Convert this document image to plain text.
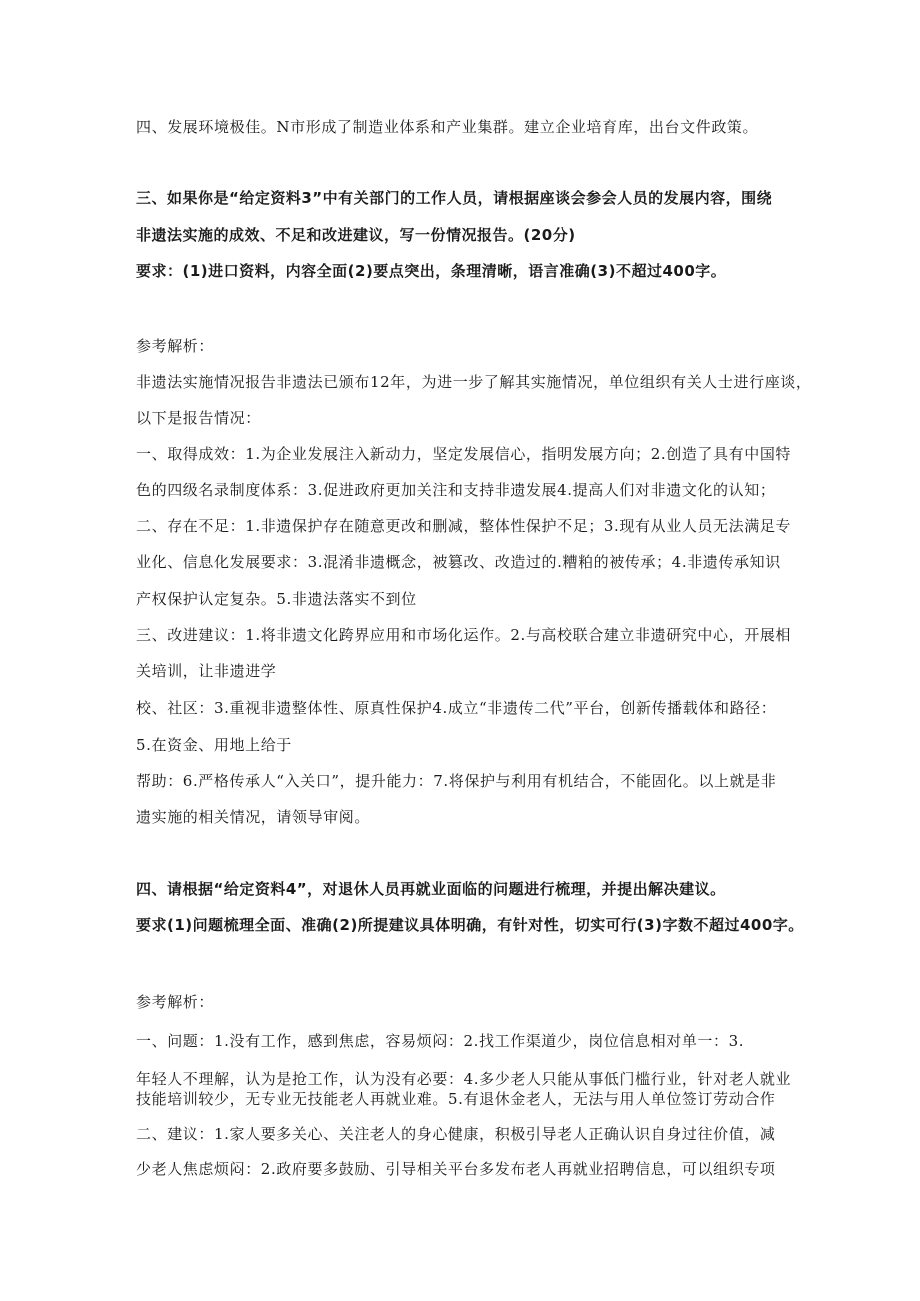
四、发展环境极佳。N市形成了制造业体系和产业集群。建立企业培育库，出台文件政策。
三、如果你是“给定资料3”中有关部门的工作人员，请根据座谈会参会人员的发展内容，围绕
非遗法实施的成效、不足和改进建议，写一份情况报告。(20分)
要求：(1)进口资料，内容全面(2)要点突出，条理清晰，语言准确(3)不超过400字。
参考解析：
非遗法实施情况报告非遗法已颁布12年，为进一步了解其实施情况，单位组织有关人士进行座谈，
以下是报告情况：
一、取得成效：1.为企业发展注入新动力，坚定发展信心，指明发展方向；2.创造了具有中国特
色的四级名录制度体系：3.促进政府更加关注和支持非遗发展4.提高人们对非遗文化的认知；
二、存在不足：1.非遗保护存在随意更改和删减，整体性保护不足；3.现有从业人员无法满足专
业化、信息化发展要求：3.混淆非遗概念，被篡改、改造过的.糟粕的被传承；4.非遗传承知识
产权保护认定复杂。5.非遗法落实不到位
三、改进建议：1.将非遗文化跨界应用和市场化运作。2.与高校联合建立非遗研究中心，开展相
关培训，让非遗进学
校、社区：3.重视非遗整体性、原真性保护4.成立“非遗传二代”平台，创新传播载体和路径：
5.在资金、用地上给于
帮助：6.严格传承人“入关口”，提升能力：7.将保护与利用有机结合，不能固化。以上就是非
遗实施的相关情况，请领导审阅。
四、请根据“给定资料4”，对退休人员再就业面临的问题进行梳理，并提出解决建议。
要求(1)问题梳理全面、准确(2)所提建议具体明确，有针对性，切实可行(3)字数不超过400字。
参考解析：
一、问题：1.没有工作，感到焦虑，容易烦闷：2.找工作渠道少，岗位信息相对单一：3.
年轻人不理解，认为是抢工作，认为没有必要：4.多少老人只能从事低门槛行业，针对老人就业
技能培训较少，无专业无技能老人再就业难。5.有退休金老人，无法与用人单位签订劳动合作
二、建议：1.家人要多关心、关注老人的身心健康，积极引导老人正确认识自身过往价值，减
少老人焦虑烦闷：2.政府要多鼓励、引导相关平台多发布老人再就业招聘信息，可以组织专项
